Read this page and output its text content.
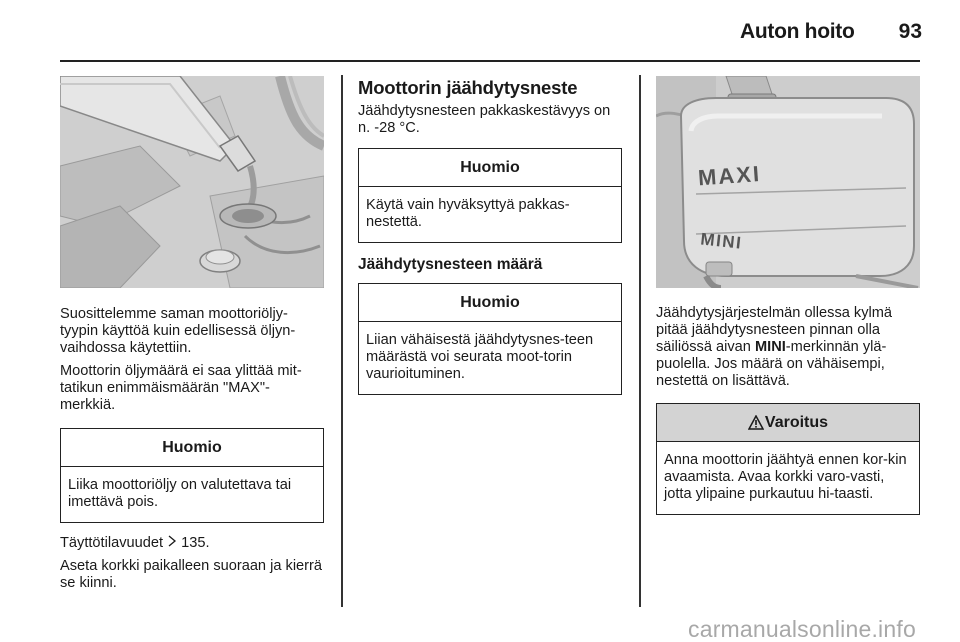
Auton hoito	93

Suosittelemme saman moottoriöljy-tyypin käyttöä kuin edellisessä öljyn-vaihdossa käytettiin.

Moottorin öljymäärä ei saa ylittää mit-tatikun enimmäismäärän "MAX"-merkkiä.

Huomio
Liika moottoriöljy on valutettava tai imettävä pois.

Täyttötilavuudet 135.

Aseta korkki paikalleen suoraan ja kierrä se kiinni.

Moottorin jäähdytysneste

Jäähdytysnesteen pakkaskestävyys on n. -28 °C.

Huomio
Käytä vain hyväksyttyä pakkas-nestettä.
Jäähdytysnesteen määrä
Huomio
Liian vähäisestä jäähdytysnes-teen määrästä voi seurata moot-torin vaurioituminen.
MAXI
MINI

Jäähdytysjärjestelmän ollessa kylmä pitää jäähdytysnesteen pinnan olla säiliössä aivan MINI-merkinnän ylä-puolella. Jos määrä on vähäisempi, nestettä on lisättävä.

Varoitus
Anna moottorin jäähtyä ennen kor-kin avaamista. Avaa korkki varo-vasti, jotta ylipaine purkautuu hi-taasti.
carmanualsonline.info
